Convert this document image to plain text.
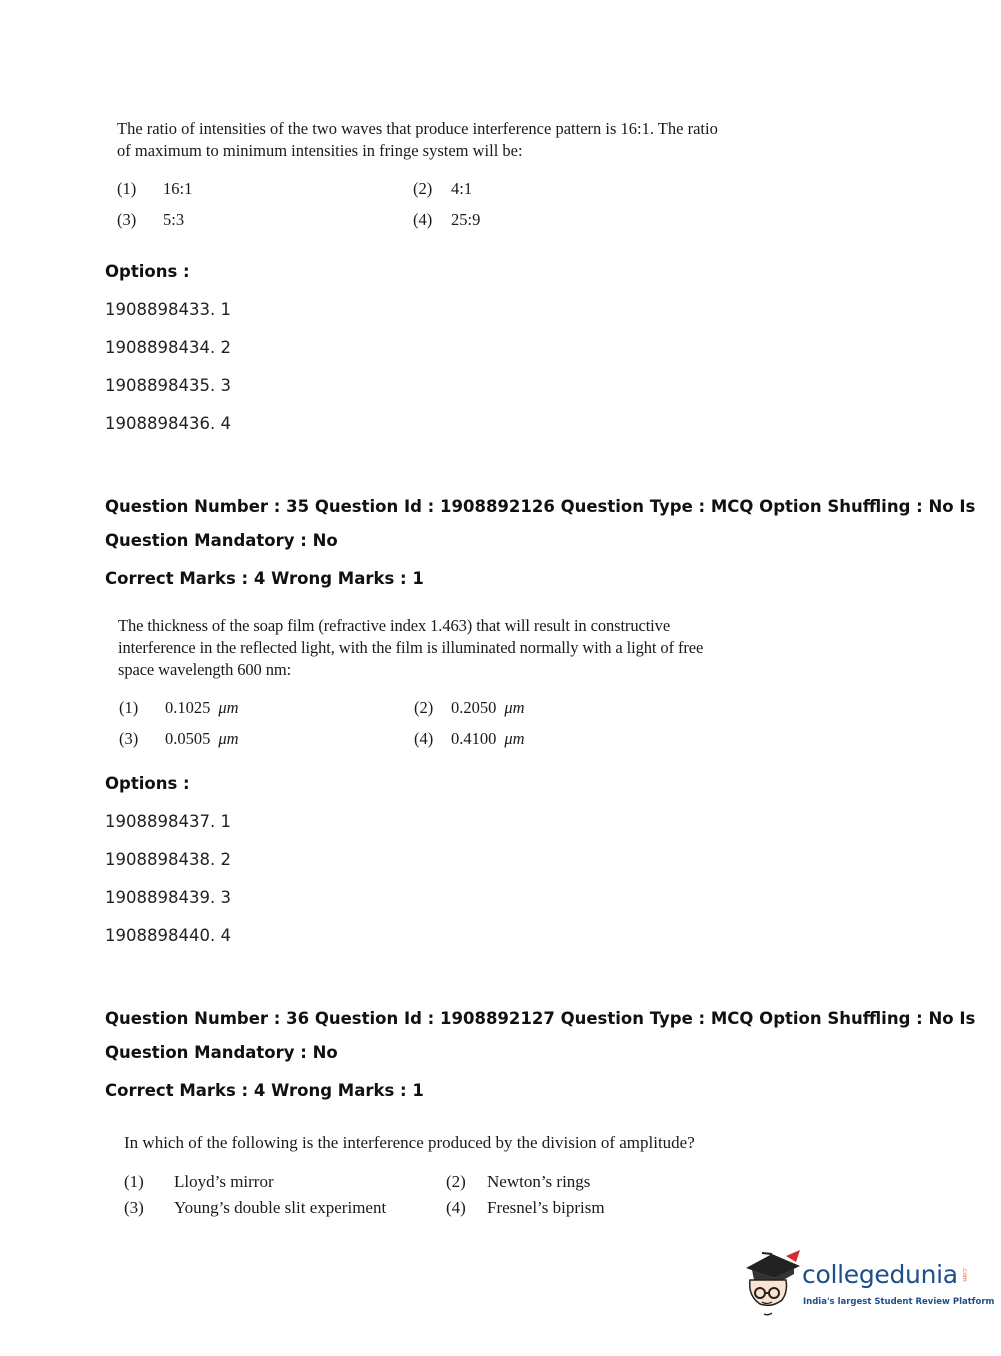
The ratio of intensities of the two waves that produce interference pattern is 16:1. The ratio
of maximum to minimum intensities in fringe system will be:
(1) 16:1	(2) 4:1
(3) 5:3	(4) 25:9
Options :
1908898433. 1
1908898434. 2
1908898435. 3
1908898436. 4
Question Number : 35 Question Id : 1908892126 Question Type : MCQ Option Shuffling : No Is
Question Mandatory : No
Correct Marks : 4 Wrong Marks : 1
The thickness of the soap film (refractive index 1.463) that will result in constructive
interference in the reflected light, with the film is illuminated normally with a light of free
space wavelength 600 nm:
(1) 0.1025 μm	(2) 0.2050 μm
(3) 0.0505 μm	(4) 0.4100 μm
Options :
1908898437. 1
1908898438. 2
1908898439. 3
1908898440. 4
Question Number : 36 Question Id : 1908892127 Question Type : MCQ Option Shuffling : No Is
Question Mandatory : No
Correct Marks : 4 Wrong Marks : 1
In which of the following is the interference produced by the division of amplitude?
(1) Lloyd’s mirror	(2) Newton’s rings
(3) Young’s double slit experiment	(4) Fresnel’s biprism
collegedunia .com
India's largest Student Review Platform
